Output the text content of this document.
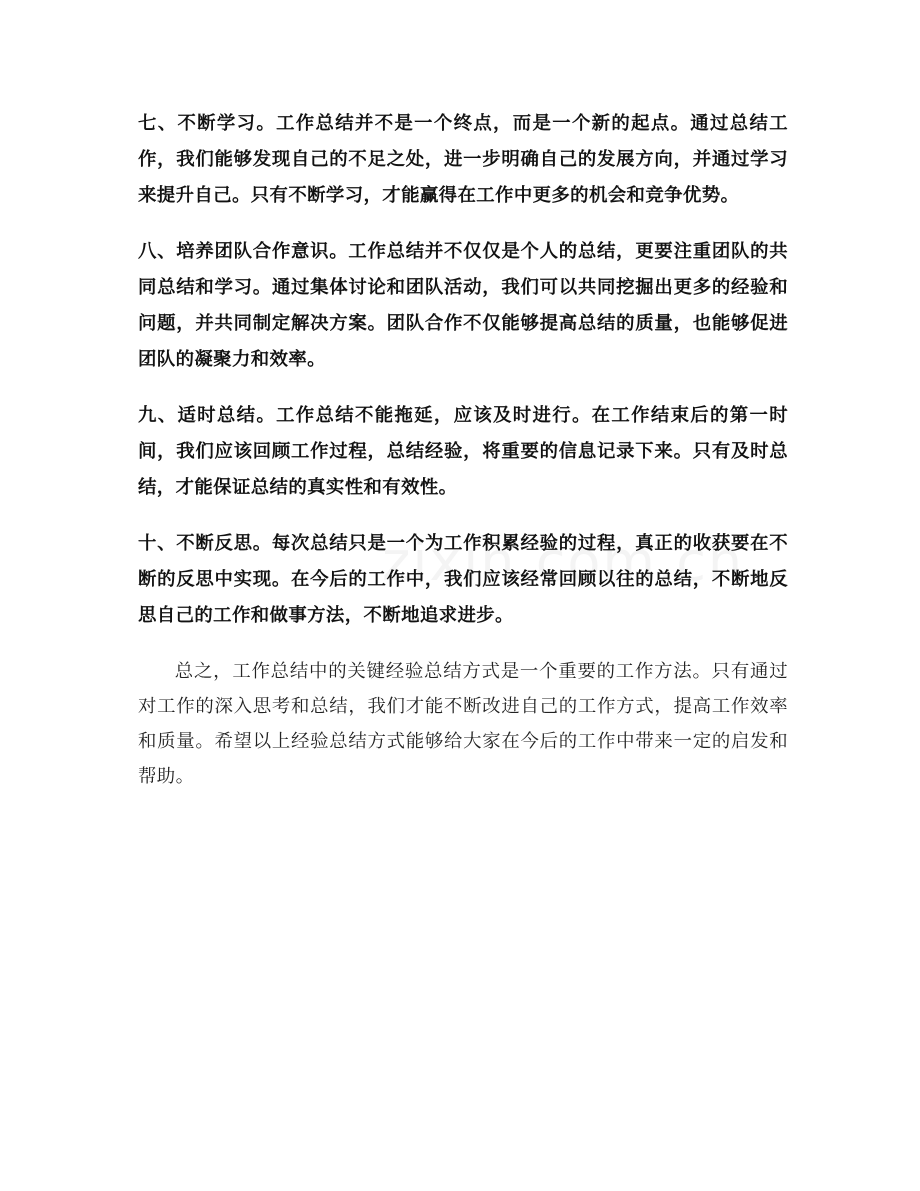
七、不断学习。工作总结并不是一个终点，而是一个新的起点。通过总结工作，我们能够发现自己的不足之处，进一步明确自己的发展方向，并通过学习来提升自己。只有不断学习，才能赢得在工作中更多的机会和竞争优势。

八、培养团队合作意识。工作总结并不仅仅是个人的总结，更要注重团队的共同总结和学习。通过集体讨论和团队活动，我们可以共同挖掘出更多的经验和问题，并共同制定解决方案。团队合作不仅能够提高总结的质量，也能够促进团队的凝聚力和效率。

九、适时总结。工作总结不能拖延，应该及时进行。在工作结束后的第一时间，我们应该回顾工作过程，总结经验，将重要的信息记录下来。只有及时总结，才能保证总结的真实性和有效性。

十、不断反思。每次总结只是一个为工作积累经验的过程，真正的收获要在不断的反思中实现。在今后的工作中，我们应该经常回顾以往的总结，不断地反思自己的工作和做事方法，不断地追求进步。

总之，工作总结中的关键经验总结方式是一个重要的工作方法。只有通过对工作的深入思考和总结，我们才能不断改进自己的工作方式，提高工作效率和质量。希望以上经验总结方式能够给大家在今后的工作中带来一定的启发和帮助。
